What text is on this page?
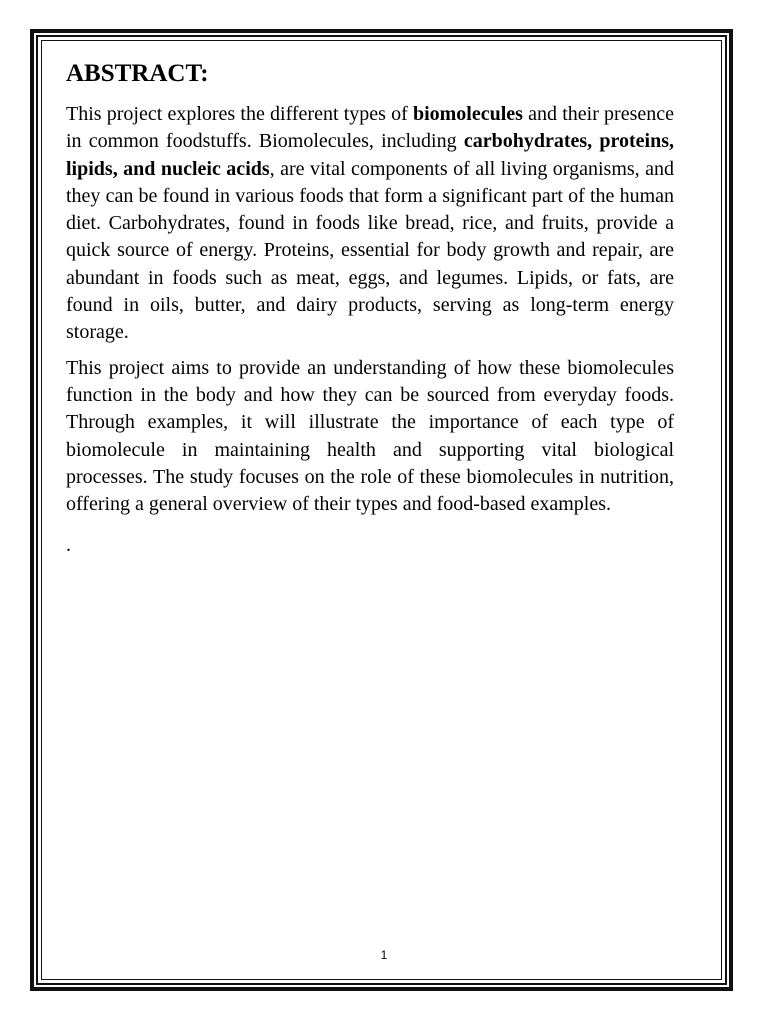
ABSTRACT:

This project explores the different types of biomolecules and their presence in common foodstuffs. Biomolecules, including carbohydrates, proteins, lipids, and nucleic acids, are vital components of all living organisms, and they can be found in various foods that form a significant part of the human diet. Carbohydrates, found in foods like bread, rice, and fruits, provide a quick source of energy. Proteins, essential for body growth and repair, are abundant in foods such as meat, eggs, and legumes. Lipids, or fats, are found in oils, butter, and dairy products, serving as long-term energy storage.

This project aims to provide an understanding of how these biomolecules function in the body and how they can be sourced from everyday foods. Through examples, it will illustrate the importance of each type of biomolecule in maintaining health and supporting vital biological processes. The study focuses on the role of these biomolecules in nutrition, offering a general overview of their types and food-based examples.

.
1
